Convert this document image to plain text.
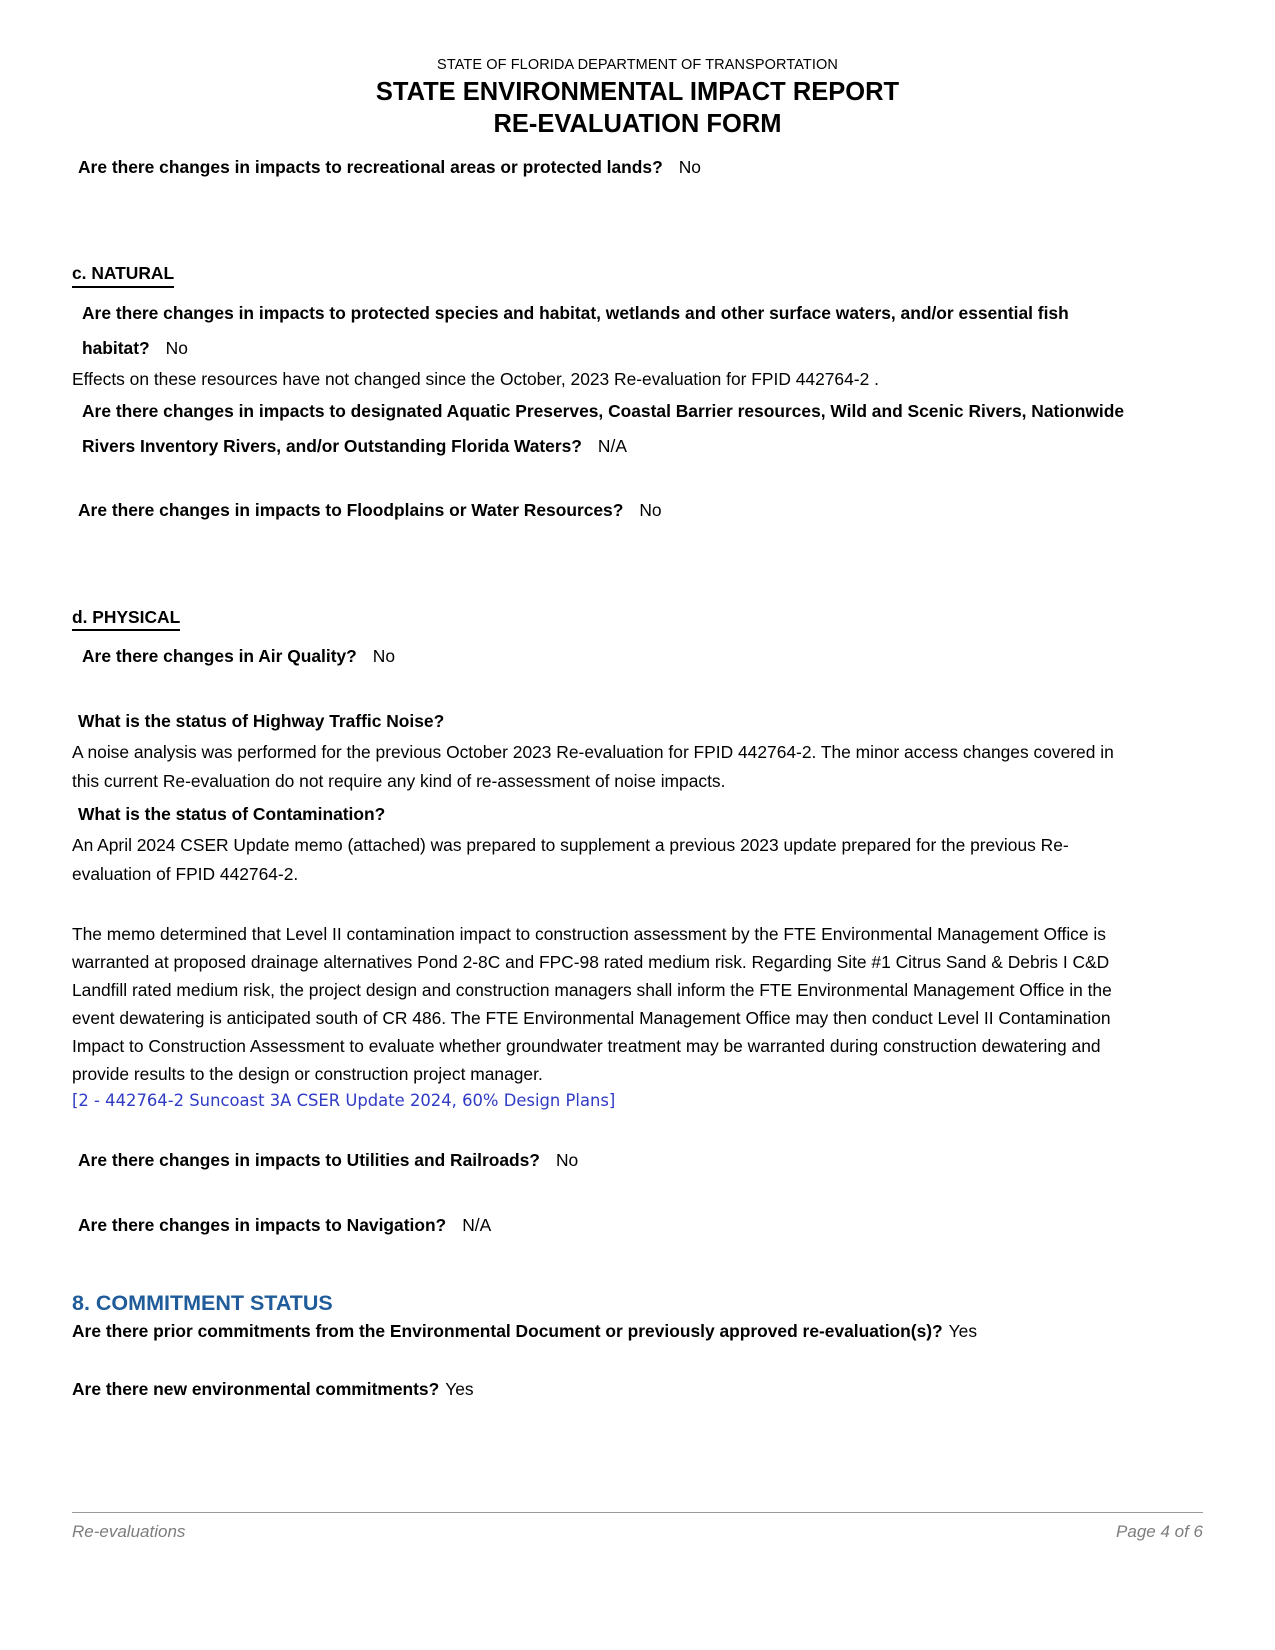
STATE OF FLORIDA DEPARTMENT OF TRANSPORTATION
STATE ENVIRONMENTAL IMPACT REPORT
RE-EVALUATION FORM
Are there changes in impacts to recreational areas or protected lands? No
c. NATURAL
Are there changes in impacts to protected species and habitat, wetlands and other surface waters, and/or essential fish habitat? No
Effects on these resources have not changed since the October, 2023 Re-evaluation for FPID 442764-2 .
Are there changes in impacts to designated Aquatic Preserves, Coastal Barrier resources, Wild and Scenic Rivers, Nationwide Rivers Inventory Rivers, and/or Outstanding Florida Waters? N/A
Are there changes in impacts to Floodplains or Water Resources? No
d. PHYSICAL
Are there changes in Air Quality? No
What is the status of Highway Traffic Noise?
A noise analysis was performed for the previous October 2023 Re-evaluation for FPID 442764-2. The minor access changes covered in this current Re-evaluation do not require any kind of re-assessment of noise impacts.
What is the status of Contamination?
An April 2024 CSER Update memo (attached) was prepared to supplement a previous 2023 update prepared for the previous Re-evaluation of FPID 442764-2.
The memo determined that Level II contamination impact to construction assessment by the FTE Environmental Management Office is warranted at proposed drainage alternatives Pond 2-8C and FPC-98 rated medium risk. Regarding Site #1 Citrus Sand & Debris I C&D Landfill rated medium risk, the project design and construction managers shall inform the FTE Environmental Management Office in the event dewatering is anticipated south of CR 486. The FTE Environmental Management Office may then conduct Level II Contamination Impact to Construction Assessment to evaluate whether groundwater treatment may be warranted during construction dewatering and provide results to the design or construction project manager.
[2 - 442764-2 Suncoast 3A CSER Update 2024, 60% Design Plans]
Are there changes in impacts to Utilities and Railroads? No
Are there changes in impacts to Navigation? N/A
8. COMMITMENT STATUS
Are there prior commitments from the Environmental Document or previously approved re-evaluation(s)? Yes
Are there new environmental commitments? Yes
Re-evaluations	Page 4 of 6
